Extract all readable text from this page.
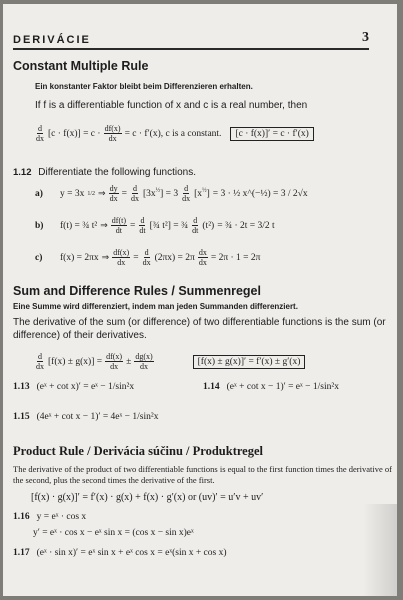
DERIVÁCIE	3
Constant Multiple Rule
Ein konstanter Faktor bleibt beim Differenzieren erhalten.
If f is a differentiable function of x and c is a real number, then
$\frac{d}{dx} [c \cdot f(x)] = c \cdot \frac{df(x)}{dx} = c \cdot f'(x)$, c is a constant.	[c · f(x)]′ = c · f′(x)
1.12 Differentiate the following functions.
a)	y = 3x 1/2 ⇒ $\frac{dy}{dx} = \frac{d}{dx} [3x^{\frac{1}{2}}] = 3 \frac{d}{dx} [x^{\frac{1}{2}}] = 3$ · ½ x^(−½) = 3 / 2√x
b)	f(t) = ¾ t² ⇒ $\frac{df(t)}{dt} = \frac{d}{dt}$ [¾ t²] = ¾ $\frac{d}{dt} (t^2)$ = ¾ · 2t = 3/2 t
c)	f(x) = 2πx ⇒ $\frac{df(x)}{dx} = \frac{d}{dx} (2\pi x) = 2\pi \frac{dx}{dx} = 2\pi \cdot 1 = 2\pi$
Sum and Difference Rules / Summenregel
Eine Summe wird differenziert, indem man jeden Summanden differenziert.
The derivative of the sum (or difference) of two differentiable functions is the sum (or difference) of their derivatives.
$\frac{d}{dx} [f(x) \pm g(x)] = \frac{df(x)}{dx} \pm \frac{dg(x)}{dx}$	[f(x) ± g(x)]′ = f′(x) ± g′(x)
1.13 (eˣ + cot x)′ = eˣ − 1/sin²x	1.14 (eˣ + cot x − 1)′ = eˣ − 1/sin²x
1.15 (4eˣ + cot x − 1)′ = 4eˣ − 1/sin²x
Product Rule / Derivácia súčinu / Produktregel
The derivative of the product of two differentiable functions is equal to the first function times the derivative of the second, plus the second times the derivative of the first.
[f(x) · g(x)]′ = f′(x) · g(x) + f(x) · g′(x) or (uv)′ = u′v + uv′
1.16 y = eˣ · cos x
y′ = eˣ · cos x − eˣ sin x = (cos x − sin x)eˣ
1.17 (eˣ · sin x)′ = eˣ sin x + eˣ cos x = eˣ(sin x + cos x)
